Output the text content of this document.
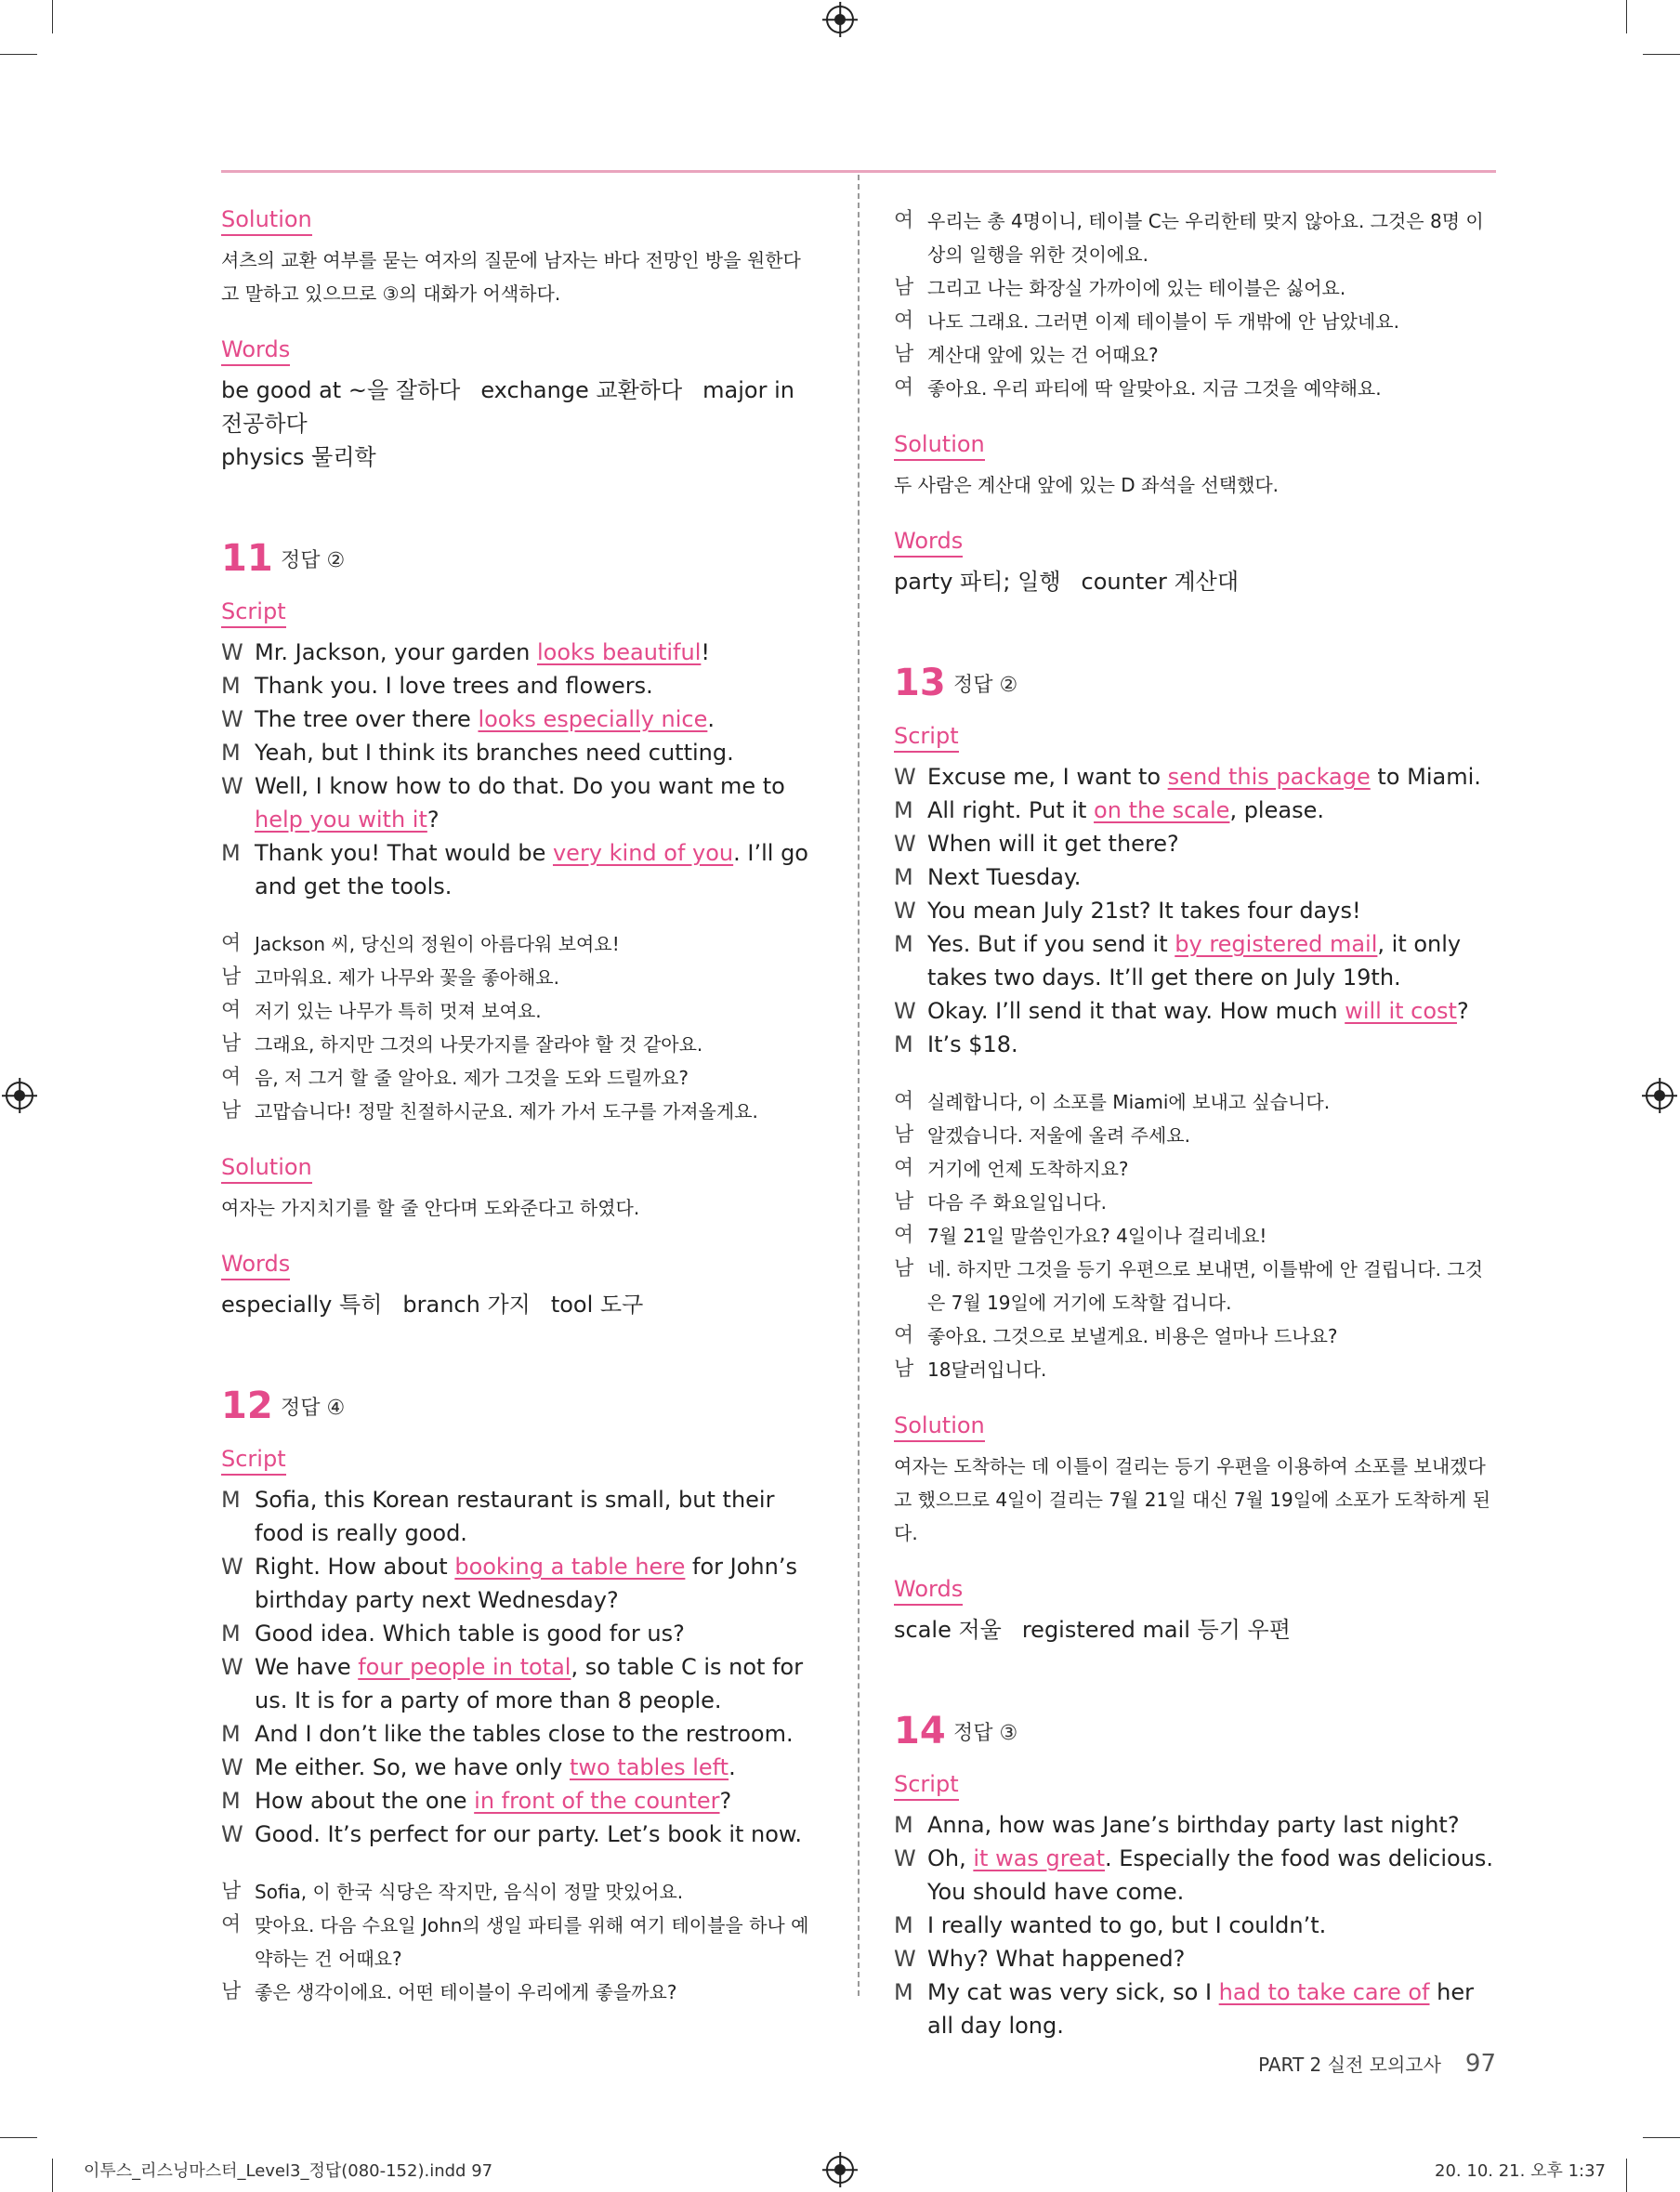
Solution

셔츠의 교환 여부를 묻는 여자의 질문에 남자는 바다 전망인 방을 원한다
고 말하고 있으므로 ③의 대화가 어색하다.

Words

be good at ~을 잘하다 exchange 교환하다 major in 전공하다
physics 물리학

11 정답 ②
Script
W Mr. Jackson, your garden looks beautiful!
M Thank you. I love trees and flowers.
W The tree over there looks especially nice.
M Yeah, but I think its branches need cutting.
W Well, I know how to do that. Do you want me to help you with it?
M Thank you! That would be very kind of you. I’ll go and get the tools.
여 Jackson 씨, 당신의 정원이 아름다워 보여요!
남 고마워요. 제가 나무와 꽃을 좋아해요.
여 저기 있는 나무가 특히 멋져 보여요.
남 그래요, 하지만 그것의 나뭇가지를 잘라야 할 것 같아요.
여 음, 저 그거 할 줄 알아요. 제가 그것을 도와 드릴까요?
남 고맙습니다! 정말 친절하시군요. 제가 가서 도구를 가져올게요.
Solution

여자는 가지치기를 할 줄 안다며 도와준다고 하였다.

Words

especially 특히 branch 가지 tool 도구

12 정답 ④
Script
M Sofia, this Korean restaurant is small, but their food is really good.
W Right. How about booking a table here for John’s birthday party next Wednesday?
M Good idea. Which table is good for us?
W We have four people in total, so table C is not for us. It is for a party of more than 8 people.
M And I don’t like the tables close to the restroom.
W Me either. So, we have only two tables left.
M How about the one in front of the counter?
W Good. It’s perfect for our party. Let’s book it now.
남 Sofia, 이 한국 식당은 작지만, 음식이 정말 맛있어요.
여 맞아요. 다음 수요일 John의 생일 파티를 위해 여기 테이블을 하나 예약하는 건 어때요?
남 좋은 생각이에요. 어떤 테이블이 우리에게 좋을까요?
여 우리는 총 4명이니, 테이블 C는 우리한테 맞지 않아요. 그것은 8명 이상의 일행을 위한 것이에요.
남 그리고 나는 화장실 가까이에 있는 테이블은 싫어요.
여 나도 그래요. 그러면 이제 테이블이 두 개밖에 안 남았네요.
남 계산대 앞에 있는 건 어때요?
여 좋아요. 우리 파티에 딱 알맞아요. 지금 그것을 예약해요.
Solution

두 사람은 계산대 앞에 있는 D 좌석을 선택했다.

Words

party 파티; 일행 counter 계산대

13 정답 ②
Script
W Excuse me, I want to send this package to Miami.
M All right. Put it on the scale, please.
W When will it get there?
M Next Tuesday.
W You mean July 21st? It takes four days!
M Yes. But if you send it by registered mail, it only takes two days. It’ll get there on July 19th.
W Okay. I’ll send it that way. How much will it cost?
M It’s $18.
여 실례합니다, 이 소포를 Miami에 보내고 싶습니다.
남 알겠습니다. 저울에 올려 주세요.
여 거기에 언제 도착하지요?
남 다음 주 화요일입니다.
여 7월 21일 말씀인가요? 4일이나 걸리네요!
남 네. 하지만 그것을 등기 우편으로 보내면, 이틀밖에 안 걸립니다. 그것은 7월 19일에 거기에 도착할 겁니다.
여 좋아요. 그것으로 보낼게요. 비용은 얼마나 드나요?
남 18달러입니다.
Solution

여자는 도착하는 데 이틀이 걸리는 등기 우편을 이용하여 소포를 보내겠다
고 했으므로 4일이 걸리는 7월 21일 대신 7월 19일에 소포가 도착하게 된다.

Words

scale 저울 registered mail 등기 우편

14 정답 ③
Script
M Anna, how was Jane’s birthday party last night?
W Oh, it was great. Especially the food was delicious. You should have come.
M I really wanted to go, but I couldn’t.
W Why? What happened?
M My cat was very sick, so I had to take care of her all day long.
PART 2 실전 모의고사 97
이투스_리스닝마스터_Level3_정답(080-152).indd 97	20. 10. 21. 오후 1:37
